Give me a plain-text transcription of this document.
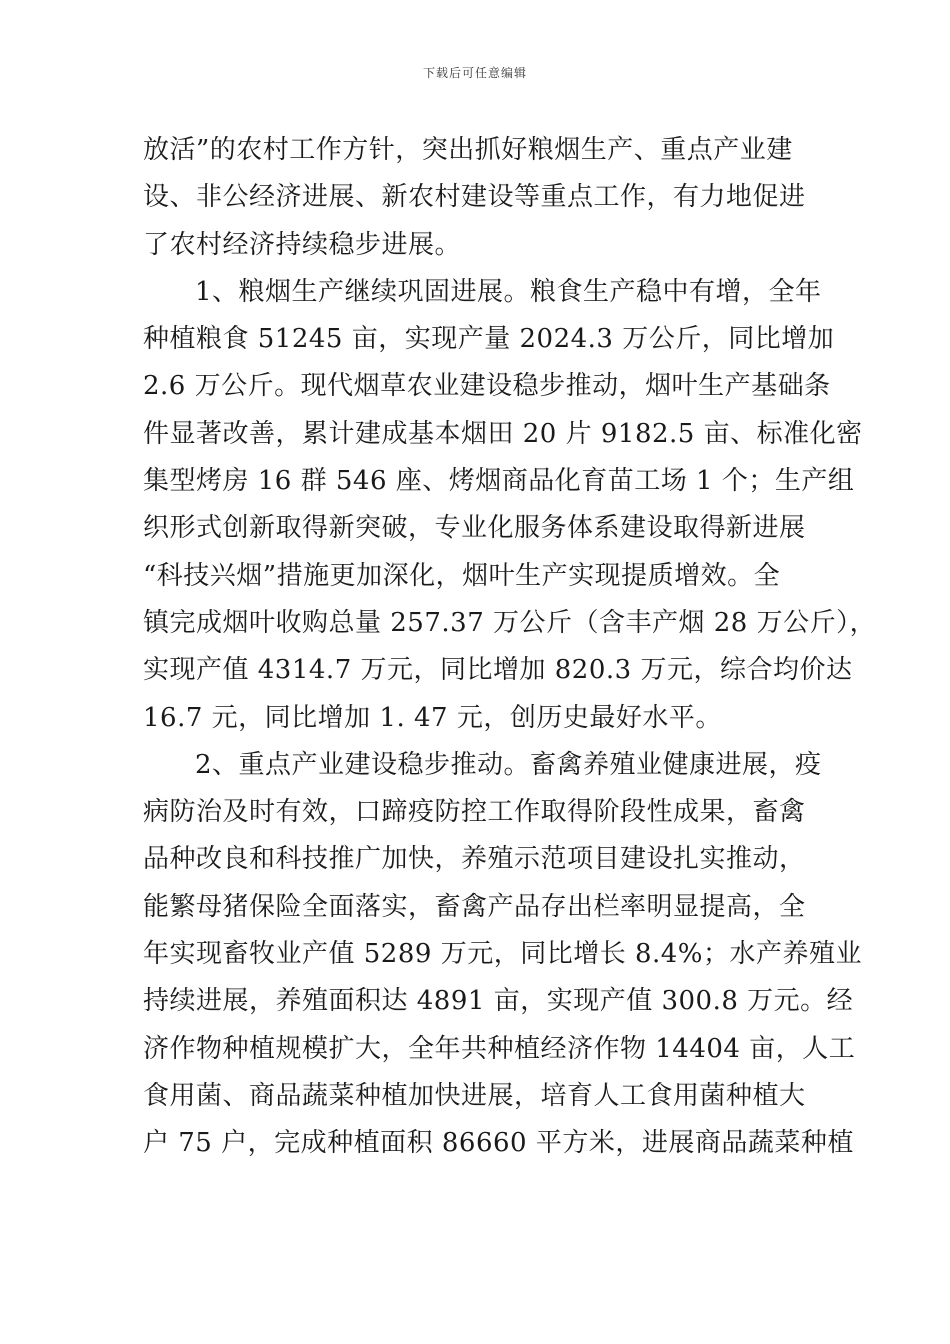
下载后可任意编辑
放活”的农村工作方针，突出抓好粮烟生产、重点产业建
设、非公经济进展、新农村建设等重点工作，有力地促进
了农村经济持续稳步进展。
1、粮烟生产继续巩固进展。粮食生产稳中有增，全年
种植粮食 51245 亩，实现产量 2024.3 万公斤，同比增加
2.6 万公斤。现代烟草农业建设稳步推动，烟叶生产基础条
件显著改善，累计建成基本烟田 20 片 9182.5 亩、标准化密
集型烤房 16 群 546 座、烤烟商品化育苗工场 1 个；生产组
织形式创新取得新突破，专业化服务体系建设取得新进展
“科技兴烟”措施更加深化，烟叶生产实现提质增效。全
镇完成烟叶收购总量 257.37 万公斤（含丰产烟 28 万公斤），
实现产值 4314.7 万元，同比增加 820.3 万元，综合均价达
16.7 元，同比增加 1. 47 元，创历史最好水平。
2、重点产业建设稳步推动。畜禽养殖业健康进展，疫
病防治及时有效，口蹄疫防控工作取得阶段性成果，畜禽
品种改良和科技推广加快，养殖示范项目建设扎实推动，
能繁母猪保险全面落实，畜禽产品存出栏率明显提高，全
年实现畜牧业产值 5289 万元，同比增长 8.4%；水产养殖业
持续进展，养殖面积达 4891 亩，实现产值 300.8 万元。经
济作物种植规模扩大，全年共种植经济作物 14404 亩，人工
食用菌、商品蔬菜种植加快进展，培育人工食用菌种植大
户 75 户，完成种植面积 86660 平方米，进展商品蔬菜种植
